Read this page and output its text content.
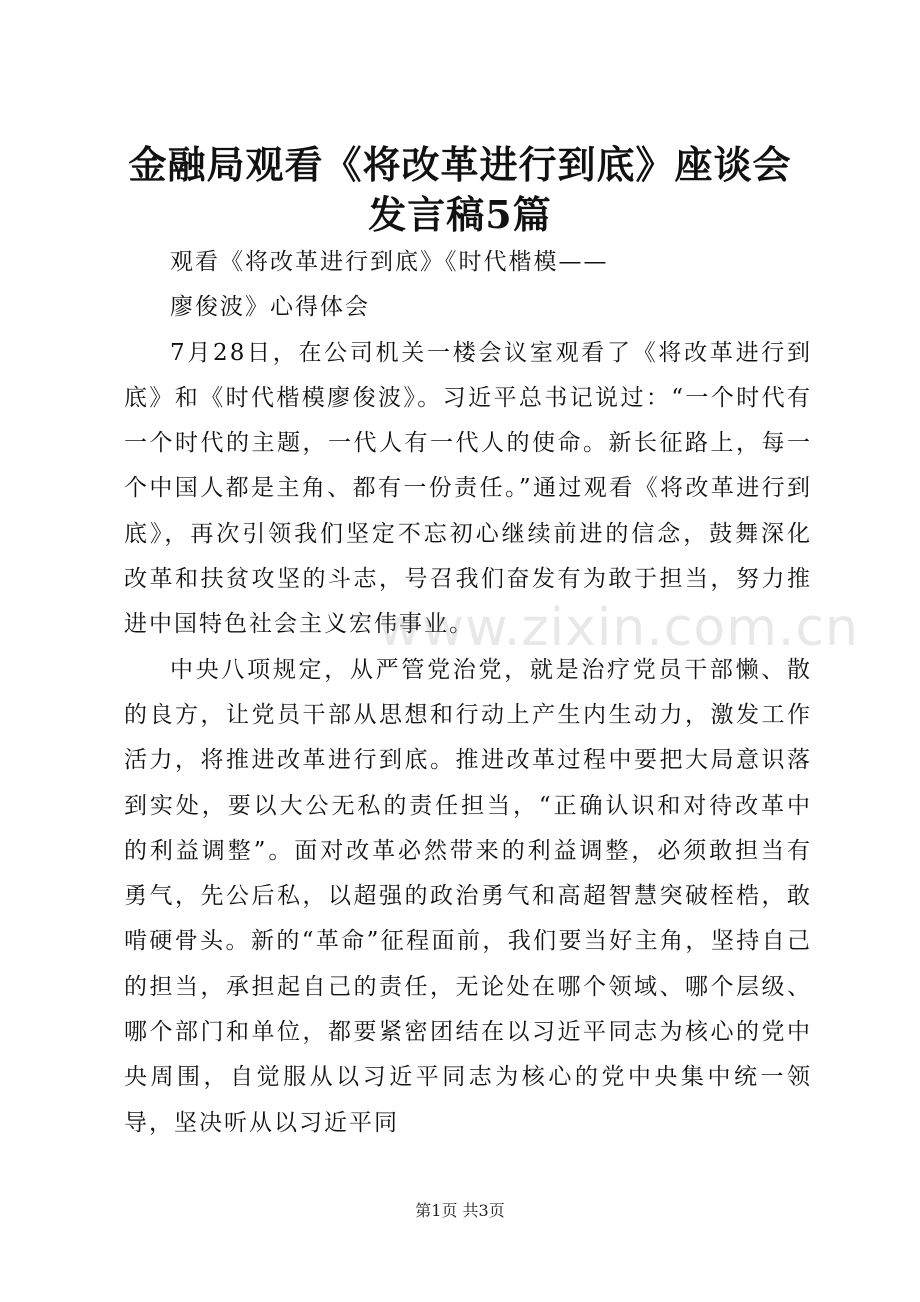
金融局观看《将改革进行到底》座谈会发言稿5篇

观看《将改革进行到底》《时代楷模——

廖俊波》心得体会

7月28日，在公司机关一楼会议室观看了《将改革进行到底》和《时代楷模廖俊波》。习近平总书记说过：“一个时代有一个时代的主题，一代人有一代人的使命。新长征路上，每一个中国人都是主角、都有一份责任。”通过观看《将改革进行到底》，再次引领我们坚定不忘初心继续前进的信念，鼓舞深化改革和扶贫攻坚的斗志，号召我们奋发有为敢于担当，努力推进中国特色社会主义宏伟事业。

中央八项规定，从严管党治党，就是治疗党员干部懒、散的良方，让党员干部从思想和行动上产生内生动力，激发工作活力，将推进改革进行到底。推进改革过程中要把大局意识落到实处，要以大公无私的责任担当，“正确认识和对待改革中的利益调整”。面对改革必然带来的利益调整，必须敢担当有勇气，先公后私，以超强的政治勇气和高超智慧突破桎梏，敢啃硬骨头。新的“革命”征程面前，我们要当好主角，坚持自己的担当，承担起自己的责任，无论处在哪个领域、哪个层级、哪个部门和单位，都要紧密团结在以习近平同志为核心的党中央周围，自觉服从以习近平同志为核心的党中央集中统一领导，坚决听从以习近平同

www.zixin.com.cn
第1页 共3页
